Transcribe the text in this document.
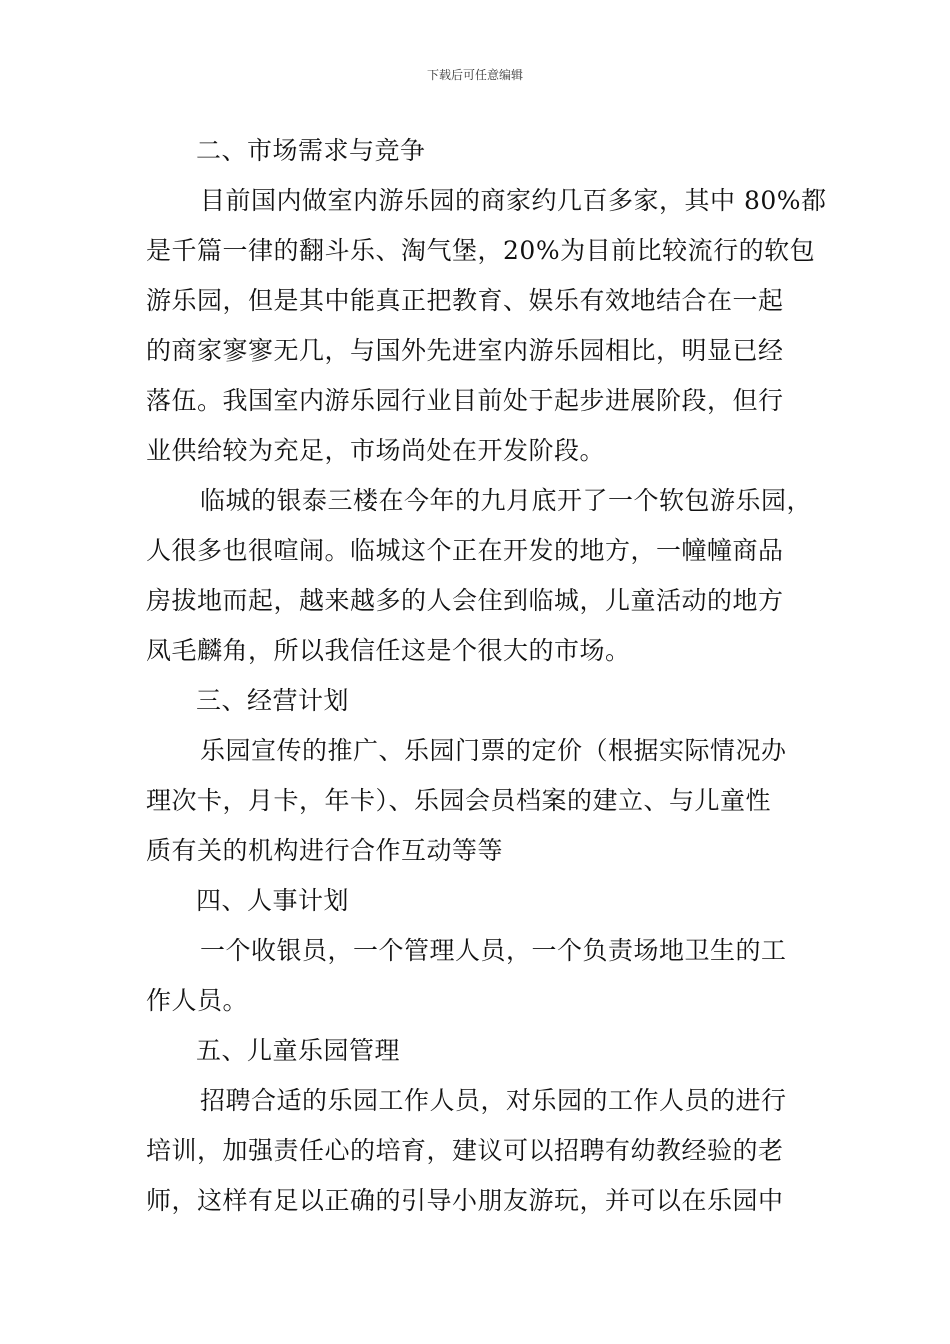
下载后可任意编辑
二、市场需求与竞争
目前国内做室内游乐园的商家约几百多家，其中 80%都
是千篇一律的翻斗乐、淘气堡，20%为目前比较流行的软包
游乐园，但是其中能真正把教育、娱乐有效地结合在一起
的商家寥寥无几，与国外先进室内游乐园相比，明显已经
落伍。我国室内游乐园行业目前处于起步进展阶段，但行
业供给较为充足，市场尚处在开发阶段。
临城的银泰三楼在今年的九月底开了一个软包游乐园，
人很多也很喧闹。临城这个正在开发的地方，一幢幢商品
房拔地而起，越来越多的人会住到临城，儿童活动的地方
凤毛麟角，所以我信任这是个很大的市场。
三、经营计划
乐园宣传的推广、乐园门票的定价（根据实际情况办
理次卡，月卡，年卡）、乐园会员档案的建立、与儿童性
质有关的机构进行合作互动等等
四、人事计划
一个收银员，一个管理人员，一个负责场地卫生的工
作人员。
五、儿童乐园管理
招聘合适的乐园工作人员，对乐园的工作人员的进行
培训，加强责任心的培育，建议可以招聘有幼教经验的老
师，这样有足以正确的引导小朋友游玩，并可以在乐园中
